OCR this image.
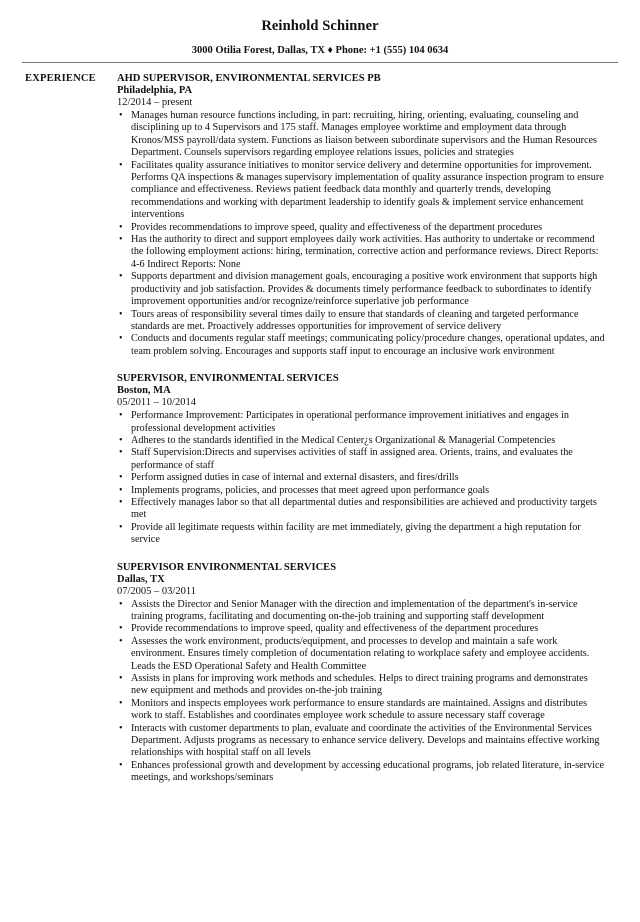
Reinhold Schinner
3000 Otilia Forest, Dallas, TX ♦ Phone: +1 (555) 104 0634
EXPERIENCE AHD SUPERVISOR, ENVIRONMENTAL SERVICES PB
Philadelphia, PA
12/2014 – present
• Manages human resource functions including, in part: recruiting, hiring, orienting, evaluating, counseling and disciplining up to 4 Supervisors and 175 staff. Manages employee worktime and employment data through Kronos/MSS payroll/data system. Functions as liaison between subordinate supervisors and the Human Resources Department. Counsels supervisors regarding employee relations issues, policies and strategies
• Facilitates quality assurance initiatives to monitor service delivery and determine opportunities for improvement. Performs QA inspections & manages supervisory implementation of quality assurance inspection program to ensure compliance and effectiveness. Reviews patient feedback data monthly and quarterly trends, developing recommendations and working with department leadership to identify goals & implement service enhancement interventions
• Provides recommendations to improve speed, quality and effectiveness of the department procedures
• Has the authority to direct and support employees daily work activities. Has authority to undertake or recommend the following employment actions: hiring, termination, corrective action and performance reviews. Direct Reports: 4-6 Indirect Reports: None
• Supports department and division management goals, encouraging a positive work environment that supports high productivity and job satisfaction. Provides & documents timely performance feedback to subordinates to identify improvement opportunities and/or recognize/reinforce superlative job performance
• Tours areas of responsibility several times daily to ensure that standards of cleaning and targeted performance standards are met. Proactively addresses opportunities for improvement of service delivery
• Conducts and documents regular staff meetings; communicating policy/procedure changes, operational updates, and team problem solving. Encourages and supports staff input to encourage an inclusive work environment
SUPERVISOR, ENVIRONMENTAL SERVICES
Boston, MA
05/2011 – 10/2014
• Performance Improvement: Participates in operational performance improvement initiatives and engages in professional development activities
• Adheres to the standards identified in the Medical Center¿s Organizational & Managerial Competencies
• Staff Supervision:Directs and supervises activities of staff in assigned area. Orients, trains, and evaluates the performance of staff
• Perform assigned duties in case of internal and external disasters, and fires/drills
• Implements programs, policies, and processes that meet agreed upon performance goals
• Effectively manages labor so that all departmental duties and responsibilities are achieved and productivity targets met
• Provide all legitimate requests within facility are met immediately, giving the department a high reputation for service
SUPERVISOR ENVIRONMENTAL SERVICES
Dallas, TX
07/2005 – 03/2011
• Assists the Director and Senior Manager with the direction and implementation of the department's in-service training programs, facilitating and documenting on-the-job training and supporting staff development
• Provide recommendations to improve speed, quality and effectiveness of the department procedures
• Assesses the work environment, products/equipment, and processes to develop and maintain a safe work environment. Ensures timely completion of documentation relating to workplace safety and employee accidents. Leads the ESD Operational Safety and Health Committee
• Assists in plans for improving work methods and schedules. Helps to direct training programs and demonstrates new equipment and methods and provides on-the-job training
• Monitors and inspects employees work performance to ensure standards are maintained. Assigns and distributes work to staff. Establishes and coordinates employee work schedule to assure necessary staff coverage
• Interacts with customer departments to plan, evaluate and coordinate the activities of the Environmental Services Department. Adjusts programs as necessary to enhance service delivery. Develops and maintains effective working relationships with hospital staff on all levels
• Enhances professional growth and development by accessing educational programs, job related literature, in-service meetings, and workshops/seminars
